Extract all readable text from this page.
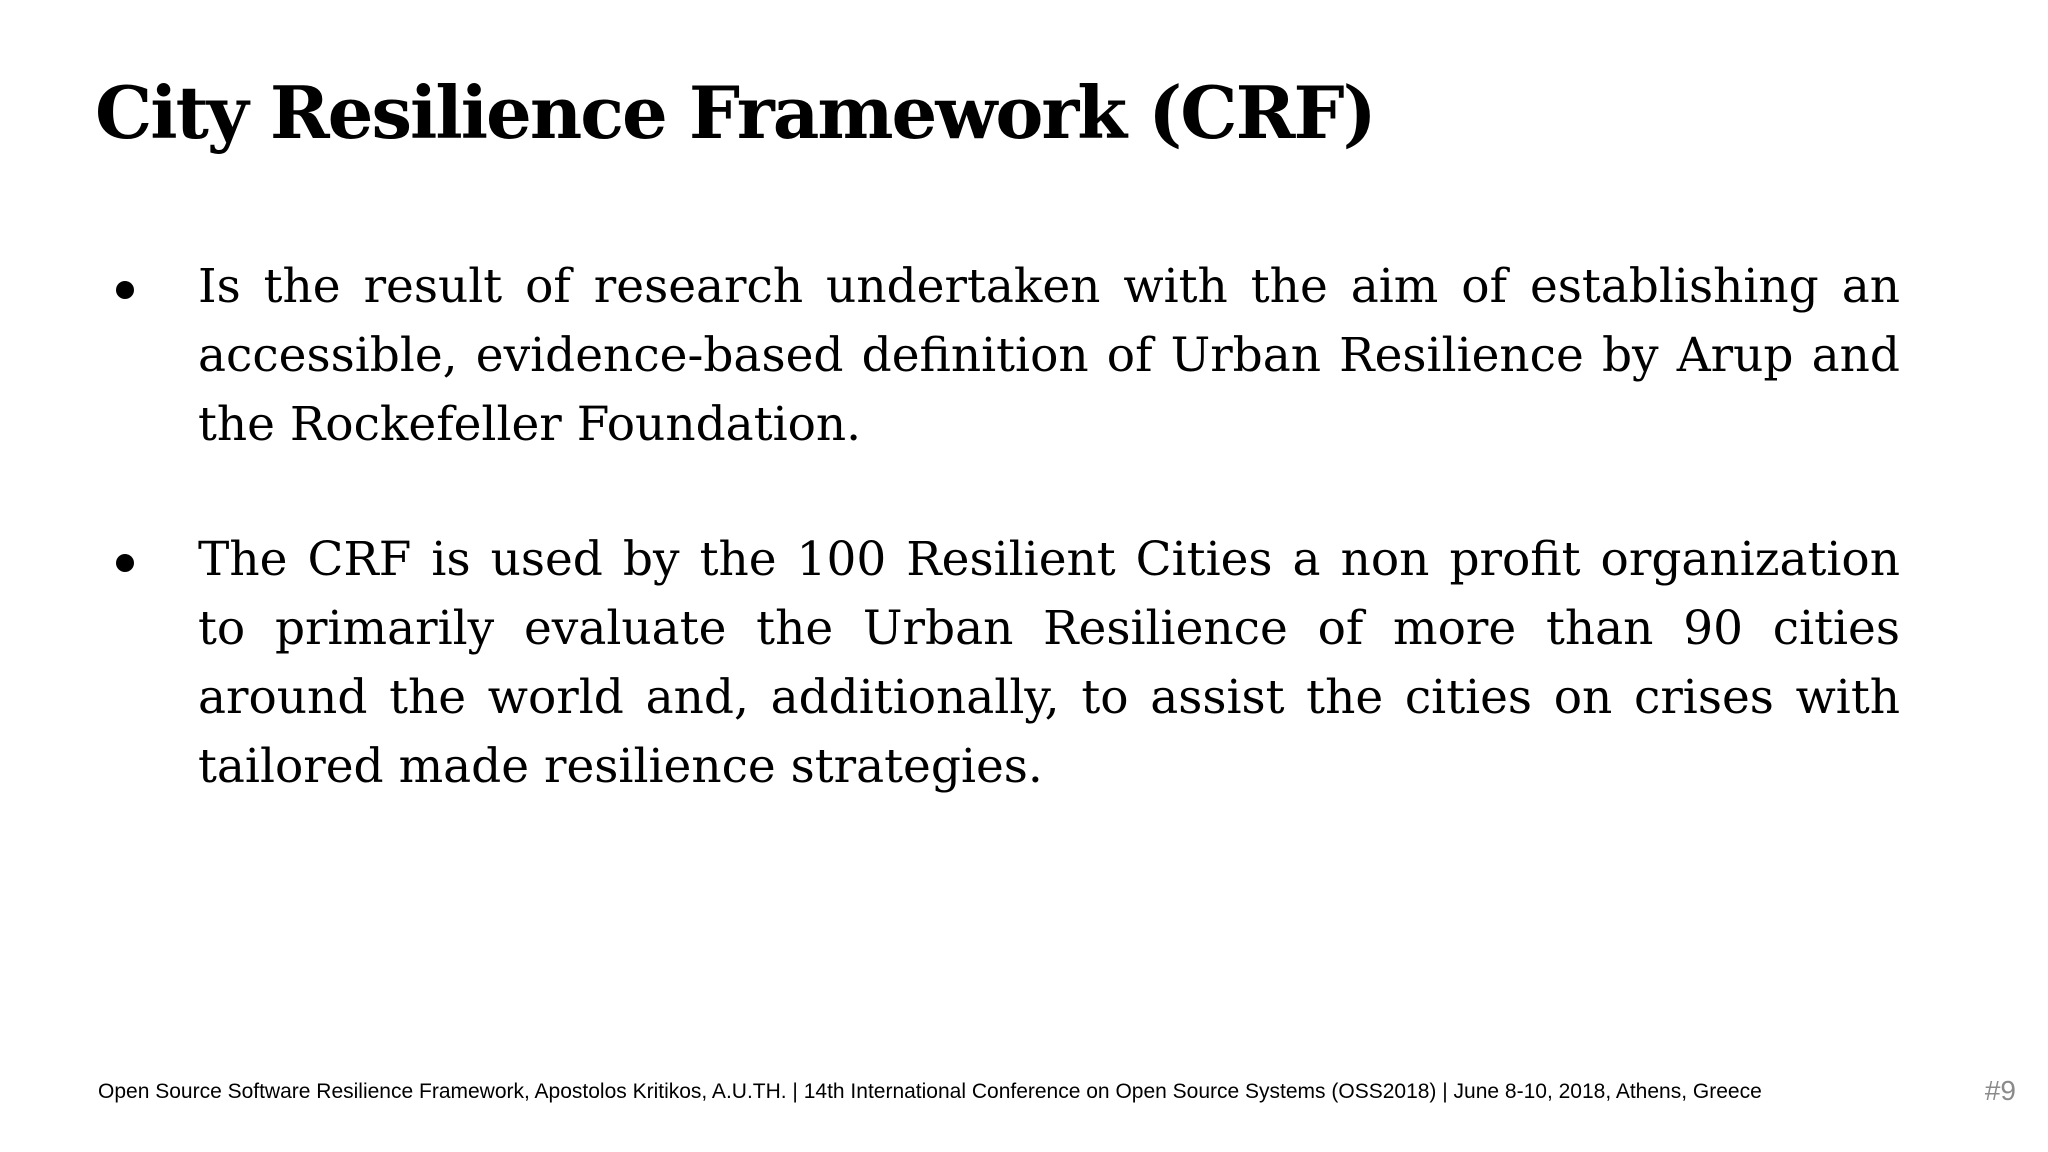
City Resilience Framework (CRF)
Is the result of research undertaken with the aim of establishing an accessible, evidence-based definition of Urban Resilience by Arup and the Rockefeller Foundation.
The CRF is used by the 100 Resilient Cities a non profit organization to primarily evaluate the Urban Resilience of more than 90 cities around the world and, additionally, to assist the cities on crises with tailored made resilience strategies.
Open Source Software Resilience Framework, Apostolos Kritikos, A.U.TH. | 14th International Conference on Open Source Systems (OSS2018) | June 8-10, 2018, Athens, Greece	#9
